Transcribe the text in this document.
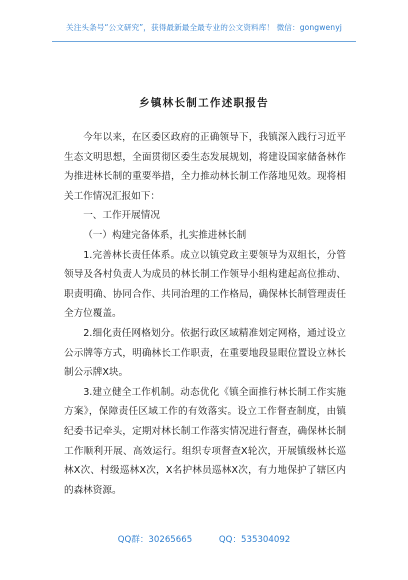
关注头条号“公文研究”，获得最新最全最专业的公文资料库！ 微信：gongwenyj
乡镇林长制工作述职报告

今年以来，在区委区政府的正确领导下，我镇深入践行习近平生态文明思想，全面贯彻区委生态发展规划，将建设国家储备林作为推进林长制的重要举措，全力推动林长制工作落地见效。现将相关工作情况汇报如下：

一、工作开展情况

（一）构建完备体系，扎实推进林长制

1.完善林长责任体系。成立以镇党政主要领导为双组长，分管领导及各村负责人为成员的林长制工作领导小组构建起高位推动、职责明确、协同合作、共同治理的工作格局，确保林长制管理责任全方位覆盖。

2.细化责任网格划分。依据行政区域精准划定网格，通过设立公示牌等方式，明确林长工作职责，在重要地段显眼位置设立林长制公示牌X块。

3.建立健全工作机制。动态优化《镇全面推行林长制工作实施方案》，保障责任区域工作的有效落实。设立工作督查制度，由镇纪委书记牵头，定期对林长制工作落实情况进行督查，确保林长制工作顺利开展、高效运行。组织专项督查X轮次，开展镇级林长巡林X次、村级巡林X次，X名护林员巡林X次，有力地保护了辖区内的森林资源。

QQ群：30265665	QQ：535304092
